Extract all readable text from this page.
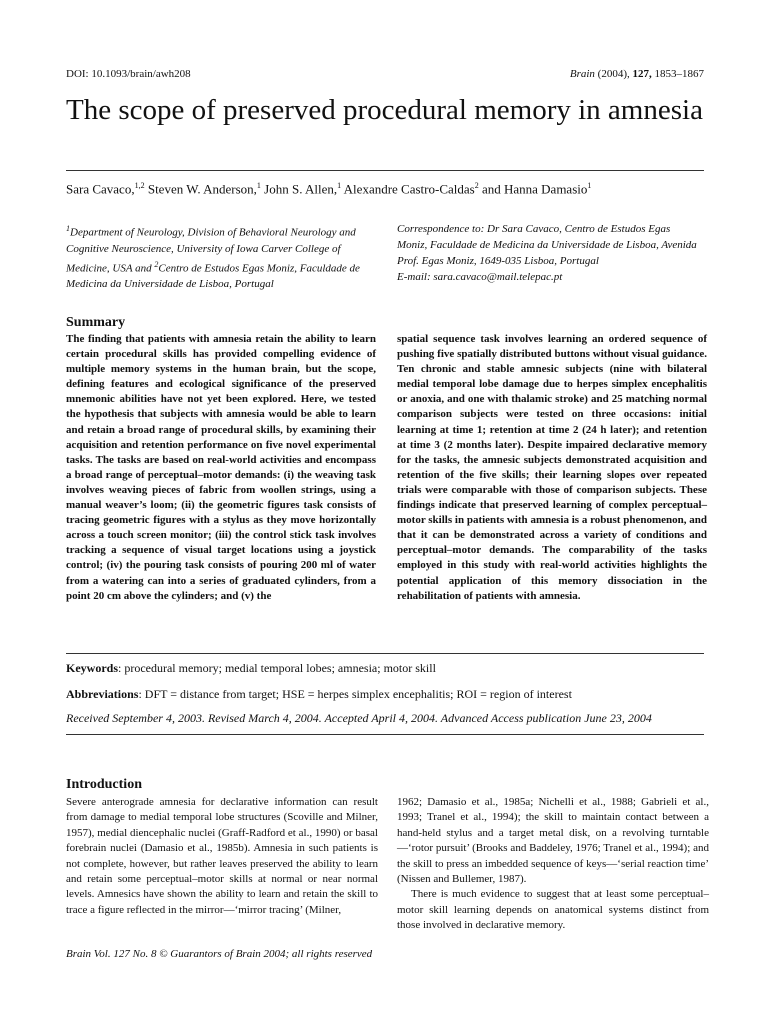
DOI: 10.1093/brain/awh208	Brain (2004), 127, 1853–1867
The scope of preserved procedural memory in amnesia
Sara Cavaco,$^{1,2}$ Steven W. Anderson,$^1$ John S. Allen,$^1$ Alexandre Castro-Caldas$^2$ and Hanna Damasio$^1$

$^1$Department of Neurology, Division of Behavioral Neurology and Cognitive Neuroscience, University of Iowa Carver College of Medicine, USA and $^2$Centro de Estudos Egas Moniz, Faculdade de Medicina da Universidade de Lisboa, Portugal

Correspondence to: Dr Sara Cavaco, Centro de Estudos Egas Moniz, Faculdade de Medicina da Universidade de Lisboa, Avenida Prof. Egas Moniz, 1649-035 Lisboa, Portugal

E-mail: sara.cavaco@mail.telepac.pt

Summary

The finding that patients with amnesia retain the ability to learn certain procedural skills has provided compelling evidence of multiple memory systems in the human brain, but the scope, defining features and ecological significance of the preserved mnemonic abilities have not yet been explored. Here, we tested the hypothesis that subjects with amnesia would be able to learn and retain a broad range of procedural skills, by examining their acquisition and retention performance on five novel experimental tasks. The tasks are based on real-world activities and encompass a broad range of perceptual–motor demands: (i) the weaving task involves weaving pieces of fabric from woollen strings, using a manual weaver’s loom; (ii) the geometric figures task consists of tracing geometric figures with a stylus as they move horizontally across a touch screen monitor; (iii) the control stick task involves tracking a sequence of visual target locations using a joystick control; (iv) the pouring task consists of pouring 200 ml of water from a watering can into a series of graduated cylinders, from a point 20 cm above the cylinders; and (v) the

spatial sequence task involves learning an ordered sequence of pushing five spatially distributed buttons without visual guidance. Ten chronic and stable amnesic subjects (nine with bilateral medial temporal lobe damage due to herpes simplex encephalitis or anoxia, and one with thalamic stroke) and 25 matching normal comparison subjects were tested on three occasions: initial learning at time 1; retention at time 2 (24 h later); and retention at time 3 (2 months later). Despite impaired declarative memory for the tasks, the amnesic subjects demonstrated acquisition and retention of the five skills; their learning slopes over repeated trials were comparable with those of comparison subjects. These findings indicate that preserved learning of complex perceptual–motor skills in patients with amnesia is a robust phenomenon, and that it can be demonstrated across a variety of conditions and perceptual–motor demands. The comparability of the tasks employed in this study with real-world activities highlights the potential application of this memory dissociation in the rehabilitation of patients with amnesia.

Keywords: procedural memory; medial temporal lobes; amnesia; motor skill
Abbreviations: DFT = distance from target; HSE = herpes simplex encephalitis; ROI = region of interest
Received September 4, 2003. Revised March 4, 2004. Accepted April 4, 2004. Advanced Access publication June 23, 2004
Introduction

Severe anterograde amnesia for declarative information can result from damage to medial temporal lobe structures (Scoville and Milner, 1957), medial diencephalic nuclei (Graff-Radford et al., 1990) or basal forebrain nuclei (Damasio et al., 1985b). Amnesia in such patients is not complete, however, but rather leaves preserved the ability to learn and retain some perceptual–motor skills at normal or near normal levels. Amnesics have shown the ability to learn and retain the skill to trace a figure reflected in the mirror—‘mirror tracing’ (Milner,

1962; Damasio et al., 1985a; Nichelli et al., 1988; Gabrieli et al., 1993; Tranel et al., 1994); the skill to maintain contact between a hand-held stylus and a target metal disk, on a revolving turntable—‘rotor pursuit’ (Brooks and Baddeley, 1976; Tranel et al., 1994); and the skill to press an imbedded sequence of keys—‘serial reaction time’ (Nissen and Bullemer, 1987).

There is much evidence to suggest that at least some perceptual–motor skill learning depends on anatomical systems distinct from those involved in declarative memory.

Brain Vol. 127 No. 8 © Guarantors of Brain 2004; all rights reserved
